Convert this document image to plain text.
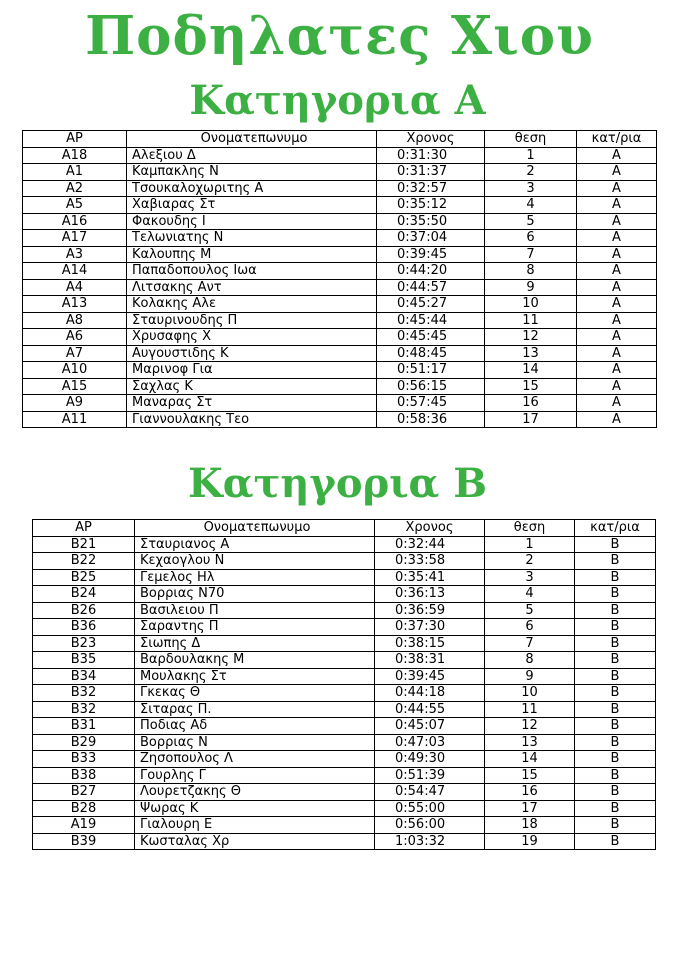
Ποδηλατες Χιου
Κατηγορια Α
ΑΡ	Ονοματεπωνυμο	Χρονος	θεση	κατ/ρια
Α18	Αλεξιου Δ	0:31:30	1	Α
Α1	Καμπακλης Ν	0:31:37	2	Α
Α2	Τσουκαλοχωριτης Α	0:32:57	3	Α
Α5	Χαβιαρας Στ	0:35:12	4	Α
Α16	Φακουδης Ι	0:35:50	5	Α
Α17	Τελωνιατης Ν	0:37:04	6	Α
Α3	Καλουπης Μ	0:39:45	7	Α
Α14	Παπαδοπουλος Ιωα	0:44:20	8	Α
Α4	Λιτσακης Αντ	0:44:57	9	Α
Α13	Κολακης Αλε	0:45:27	10	Α
Α8	Σταυρινουδης Π	0:45:44	11	Α
Α6	Χρυσαφης Χ	0:45:45	12	Α
Α7	Αυγουστιδης Κ	0:48:45	13	Α
Α10	Μαρινοφ Για	0:51:17	14	Α
Α15	Σαχλας Κ	0:56:15	15	Α
Α9	Μαναρας Στ	0:57:45	16	Α
Α11	Γιαννουλακης Τεο	0:58:36	17	Α
Κατηγορια Β
ΑΡ	Ονοματεπωνυμο	Χρονος	θεση	κατ/ρια
Β21	Σταυριανος Α	0:32:44	1	Β
Β22	Κεχαογλου Ν	0:33:58	2	Β
Β25	Γεμελος Ηλ	0:35:41	3	Β
Β24	Βορριας Ν70	0:36:13	4	Β
Β26	Βασιλειου Π	0:36:59	5	Β
Β36	Σαραντης Π	0:37:30	6	Β
Β23	Σιωπης Δ	0:38:15	7	Β
Β35	Βαρδουλακης Μ	0:38:31	8	Β
Β34	Μουλακης Στ	0:39:45	9	Β
Β32	Γκεκας Θ	0:44:18	10	Β
Β32	Σιταρας Π.	0:44:55	11	Β
Β31	Ποδιας Αδ	0:45:07	12	Β
Β29	Βορριας Ν	0:47:03	13	Β
Β33	Ζησοπουλος Λ	0:49:30	14	Β
Β38	Γουρλης Γ	0:51:39	15	Β
Β27	Λουρετζακης Θ	0:54:47	16	Β
Β28	Ψωρας Κ	0:55:00	17	Β
Α19	Γιαλουρη Ε	0:56:00	18	Β
Β39	Κωσταλας Χρ	1:03:32	19	Β
